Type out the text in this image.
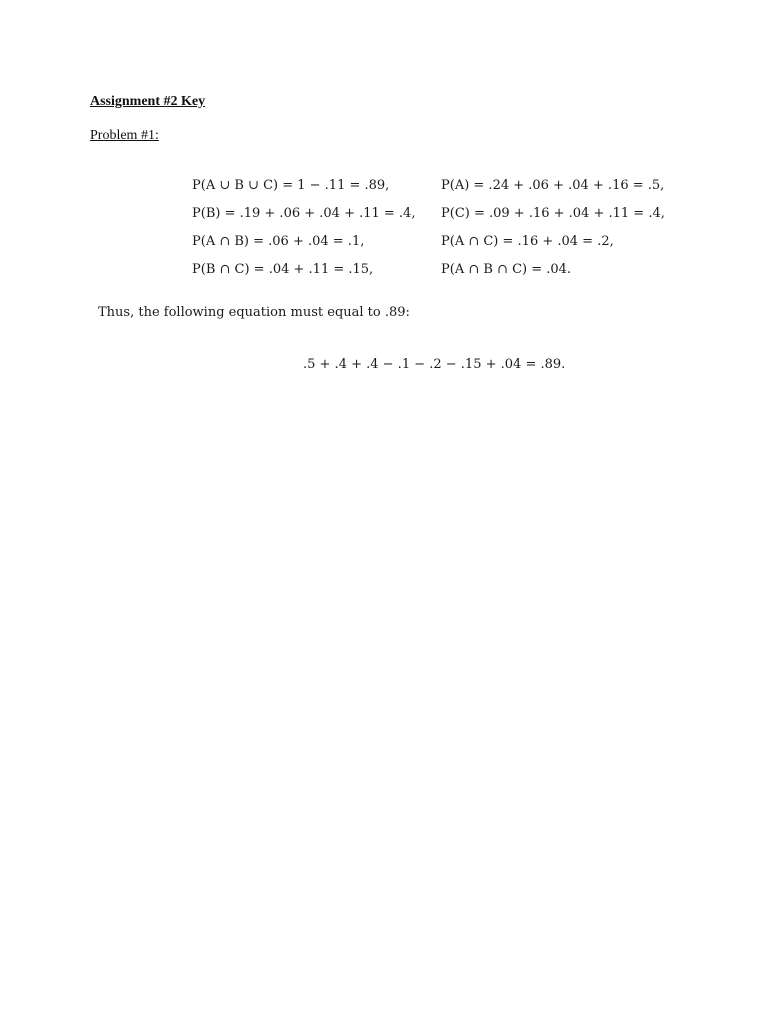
Assignment #2 Key
Problem #1:
P(A ∪ B ∪ C) = 1 − .11 = .89,	P(A) = .24 + .06 + .04 + .16 = .5,
P(B) = .19 + .06 + .04 + .11 = .4, P(C) = .09 + .16 + .04 + .11 = .4,
P(A ∩ B) = .06 + .04 = .1,	P(A ∩ C) = .16 + .04 = .2,
P(B ∩ C) = .04 + .11 = .15,	P(A ∩ B ∩ C) = .04.
Thus, the following equation must equal to .89:
.5 + .4 + .4 − .1 − .2 − .15 + .04 = .89.
